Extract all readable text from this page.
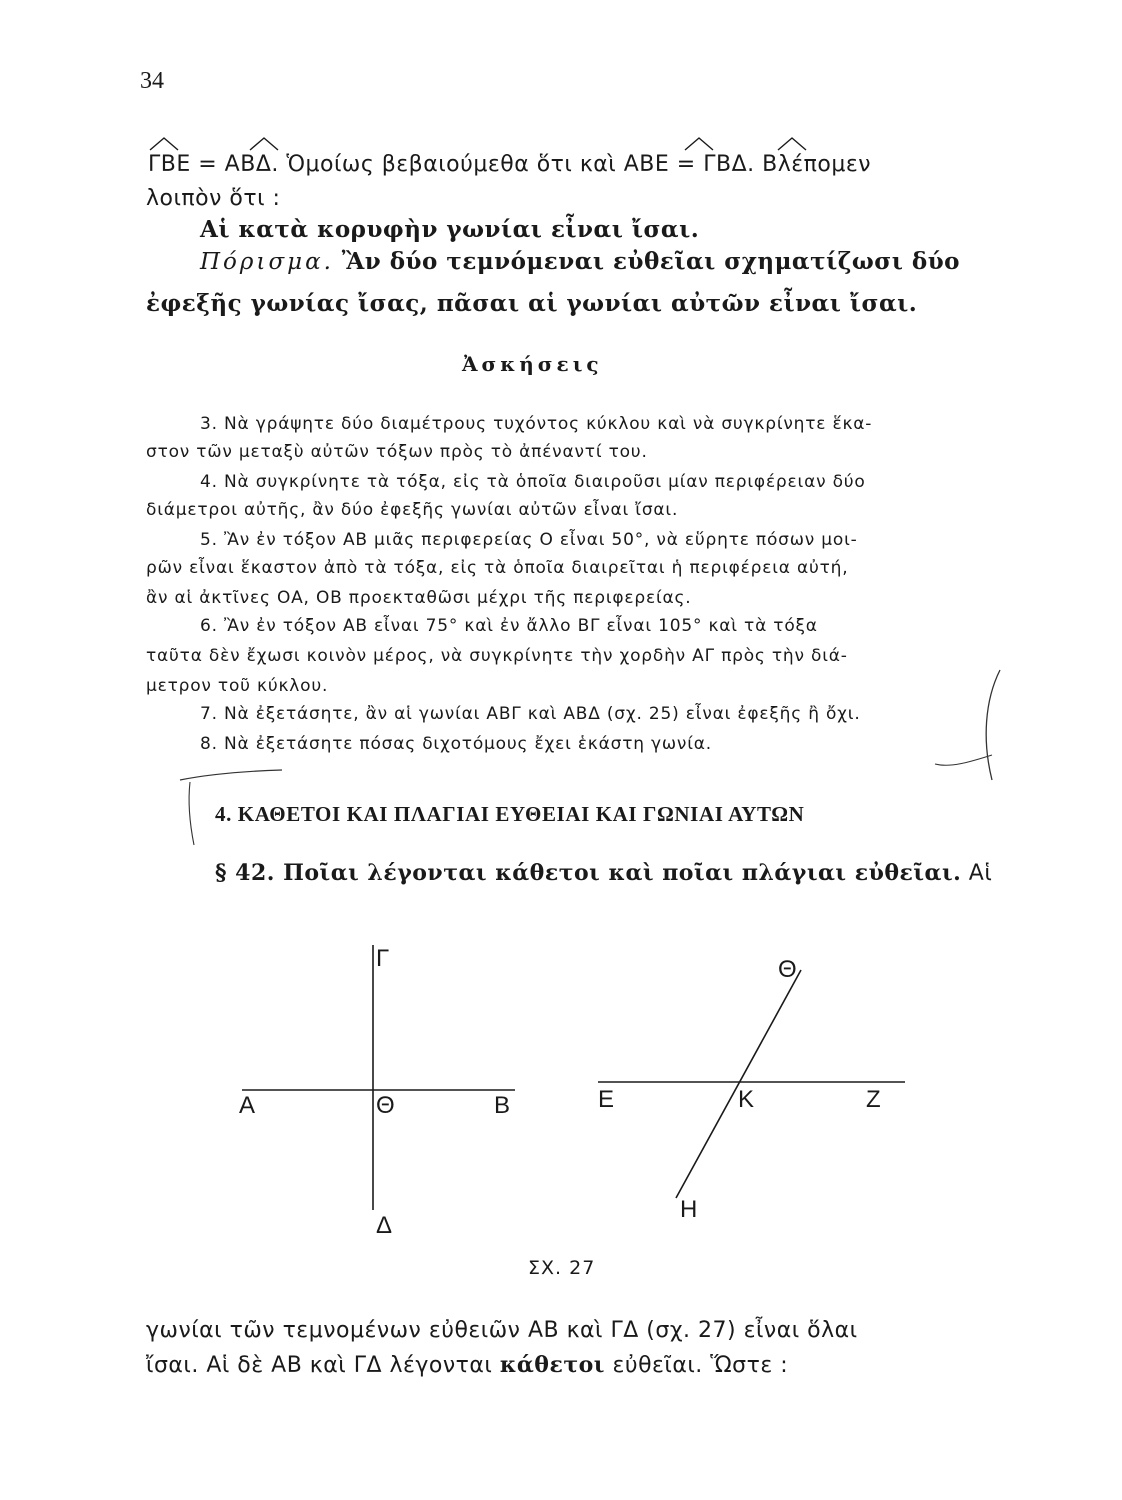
34
ΓΒΕ = ΑΒΔ. Ὁμοίως βεβαιούμεθα ὅτι καὶ ΑΒΕ = ΓΒΔ. Βλέπομεν
λοιπὸν ὅτι :
Αἱ κατὰ κορυφὴν γωνίαι εἶναι ἴσαι.
Πόρισμα. Ἂν δύο τεμνόμεναι εὐθεῖαι σχηματίζωσι δύο
ἐφεξῆς γωνίας ἴσας, πᾶσαι αἱ γωνίαι αὐτῶν εἶναι ἴσαι.
Ἀσκήσεις
3. Νὰ γράψητε δύο διαμέτρους τυχόντος κύκλου καὶ νὰ συγκρίνητε ἕκα-
στον τῶν μεταξὺ αὐτῶν τόξων πρὸς τὸ ἀπέναντί του.
4. Νὰ συγκρίνητε τὰ τόξα, εἰς τὰ ὁποῖα διαιροῦσι μίαν περιφέρειαν δύο
διάμετροι αὐτῆς, ἂν δύο ἐφεξῆς γωνίαι αὐτῶν εἶναι ἴσαι.
5. Ἂν ἐν τόξον ΑΒ μιᾶς περιφερείας Ο εἶναι 50°, νὰ εὕρητε πόσων μοι-
ρῶν εἶναι ἕκαστον ἀπὸ τὰ τόξα, εἰς τὰ ὁποῖα διαιρεῖται ἡ περιφέρεια αὐτή,
ἂν αἱ ἀκτῖνες ΟΑ, ΟΒ προεκταθῶσι μέχρι τῆς περιφερείας.
6. Ἂν ἐν τόξον ΑΒ εἶναι 75° καὶ ἐν ἄλλο ΒΓ εἶναι 105° καὶ τὰ τόξα
ταῦτα δὲν ἔχωσι κοινὸν μέρος, νὰ συγκρίνητε τὴν χορδὴν ΑΓ πρὸς τὴν διά-
μετρον τοῦ κύκλου.
7. Νὰ ἐξετάσητε, ἂν αἱ γωνίαι ΑΒΓ καὶ ΑΒΔ (σχ. 25) εἶναι ἐφεξῆς ἢ ὄχι.
8. Νὰ ἐξετάσητε πόσας διχοτόμους ἔχει ἑκάστη γωνία.
4. ΚΑΘΕΤΟΙ ΚΑΙ ΠΛΑΓΙΑΙ ΕΥΘΕΙΑΙ ΚΑΙ ΓΩΝΙΑΙ ΑΥΤΩΝ
§ 42. Ποῖαι λέγονται κάθετοι καὶ ποῖαι πλάγιαι εὐθεῖαι. Αἱ
Γ
Δ
Α	Θ	Β
Θ
Η
Ε	Κ	Ζ
ΣΧ. 27
γωνίαι τῶν τεμνομένων εὐθειῶν ΑΒ καὶ ΓΔ (σχ. 27) εἶναι ὅλαι
ἴσαι. Αἱ δὲ ΑΒ καὶ ΓΔ λέγονται κάθετοι εὐθεῖαι. Ὥστε :
